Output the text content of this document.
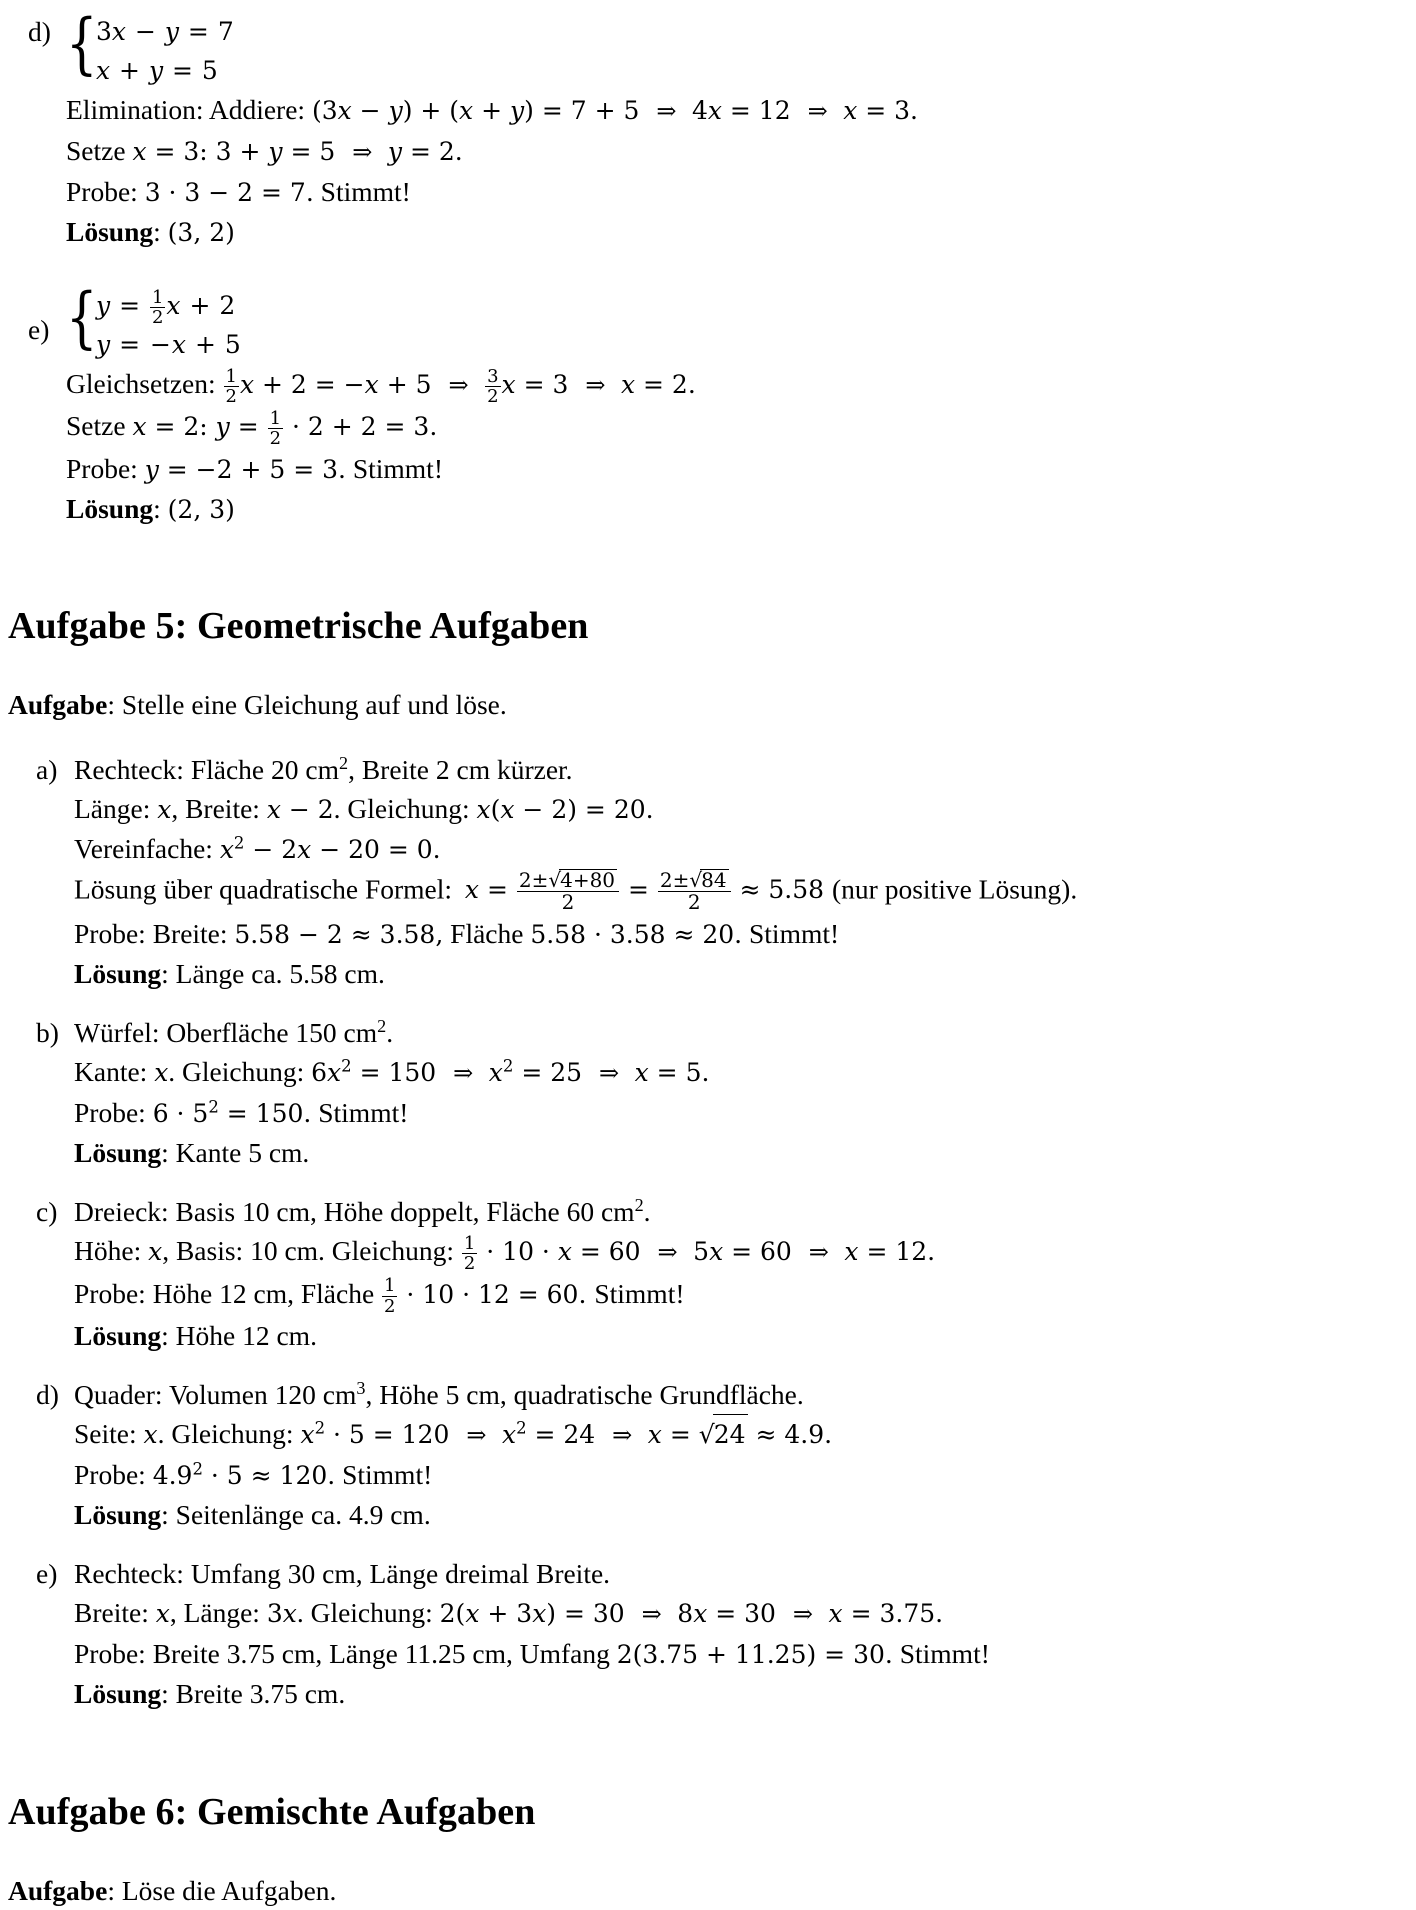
d) {
3x − y = 7
x + y = 5
Elimination: Addiere: (3x − y) + (x + y) = 7 + 5 ⇒ 4x = 12 ⇒ x = 3.
Setze x = 3: 3 + y = 5 ⇒ y = 2.
Probe: 3 · 3 − 2 = 7. Stimmt!
Lösung: (3, 2)
e) {
$y = \frac{1}{2}$ x + 2
y = −x + 5
Gleichsetzen: $\frac{1}{2}$ x + 2 = −x + 5 ⇒ $\frac{3}{2}$ x = 3 ⇒ x = 2.
Setze x = 2: $y = \frac{1}{2} \cdot 2 + 2 = 3$.
Probe: y = −2 + 5 = 3. Stimmt!
Lösung: (2, 3)
Aufgabe 5: Geometrische Aufgaben
Aufgabe: Stelle eine Gleichung auf und löse.
a) Rechteck: Fläche 20 $cm^2$, Breite 2 cm kürzer.
Länge: x, Breite: x − 2. Gleichung: x(x − 2) = 20.
Vereinfache: $x^2 - 2x - 20 = 0$.
Lösung über quadratische Formel: $x = \frac{2\pm√4+80}{2} = \frac{2\pm√84}{2} \approx 5.58$ (nur positive Lösung).
Probe: Breite: 5.58 − 2 ≈ 3.58, Fläche 5.58 · 3.58 ≈ 20. Stimmt!
Lösung: Länge ca. 5.58 cm.
b) Würfel: Oberfläche 150 $cm^2$.
Kante: x. Gleichung: $6x^2 = 150$ ⇒ $x^2 = 25$ ⇒ x = 5.
Probe: $6 \cdot 5^2 = 150$. Stimmt!
Lösung: Kante 5 cm.
c) Dreieck: Basis 10 cm, Höhe doppelt, Fläche 60 $cm^2$.
Höhe: x, Basis: 10 cm. Gleichung: $\frac{1}{2} \cdot 10 \cdot x = 60$ ⇒ 5x = 60 ⇒ x = 12.
Probe: Höhe 12 cm, Fläche $\frac{1}{2} \cdot 10 \cdot 12 = 60$. Stimmt!
Lösung: Höhe 12 cm.
d) Quader: Volumen 120 $cm^3$, Höhe 5 cm, quadratische Grundfläche.
Seite: x. Gleichung: $x^2 \cdot 5 = 120$ ⇒ $x^2 = 24$ ⇒ x = √24 ≈ 4.9.
Probe: $4.9^2 \cdot 5 \approx 120$. Stimmt!
Lösung: Seitenlänge ca. 4.9 cm.
e) Rechteck: Umfang 30 cm, Länge dreimal Breite.
Breite: x, Länge: 3x. Gleichung: 2(x + 3x) = 30 ⇒ 8x = 30 ⇒ x = 3.75.
Probe: Breite 3.75 cm, Länge 11.25 cm, Umfang 2(3.75 + 11.25) = 30. Stimmt!
Lösung: Breite 3.75 cm.
Aufgabe 6: Gemischte Aufgaben
Aufgabe: Löse die Aufgaben.
